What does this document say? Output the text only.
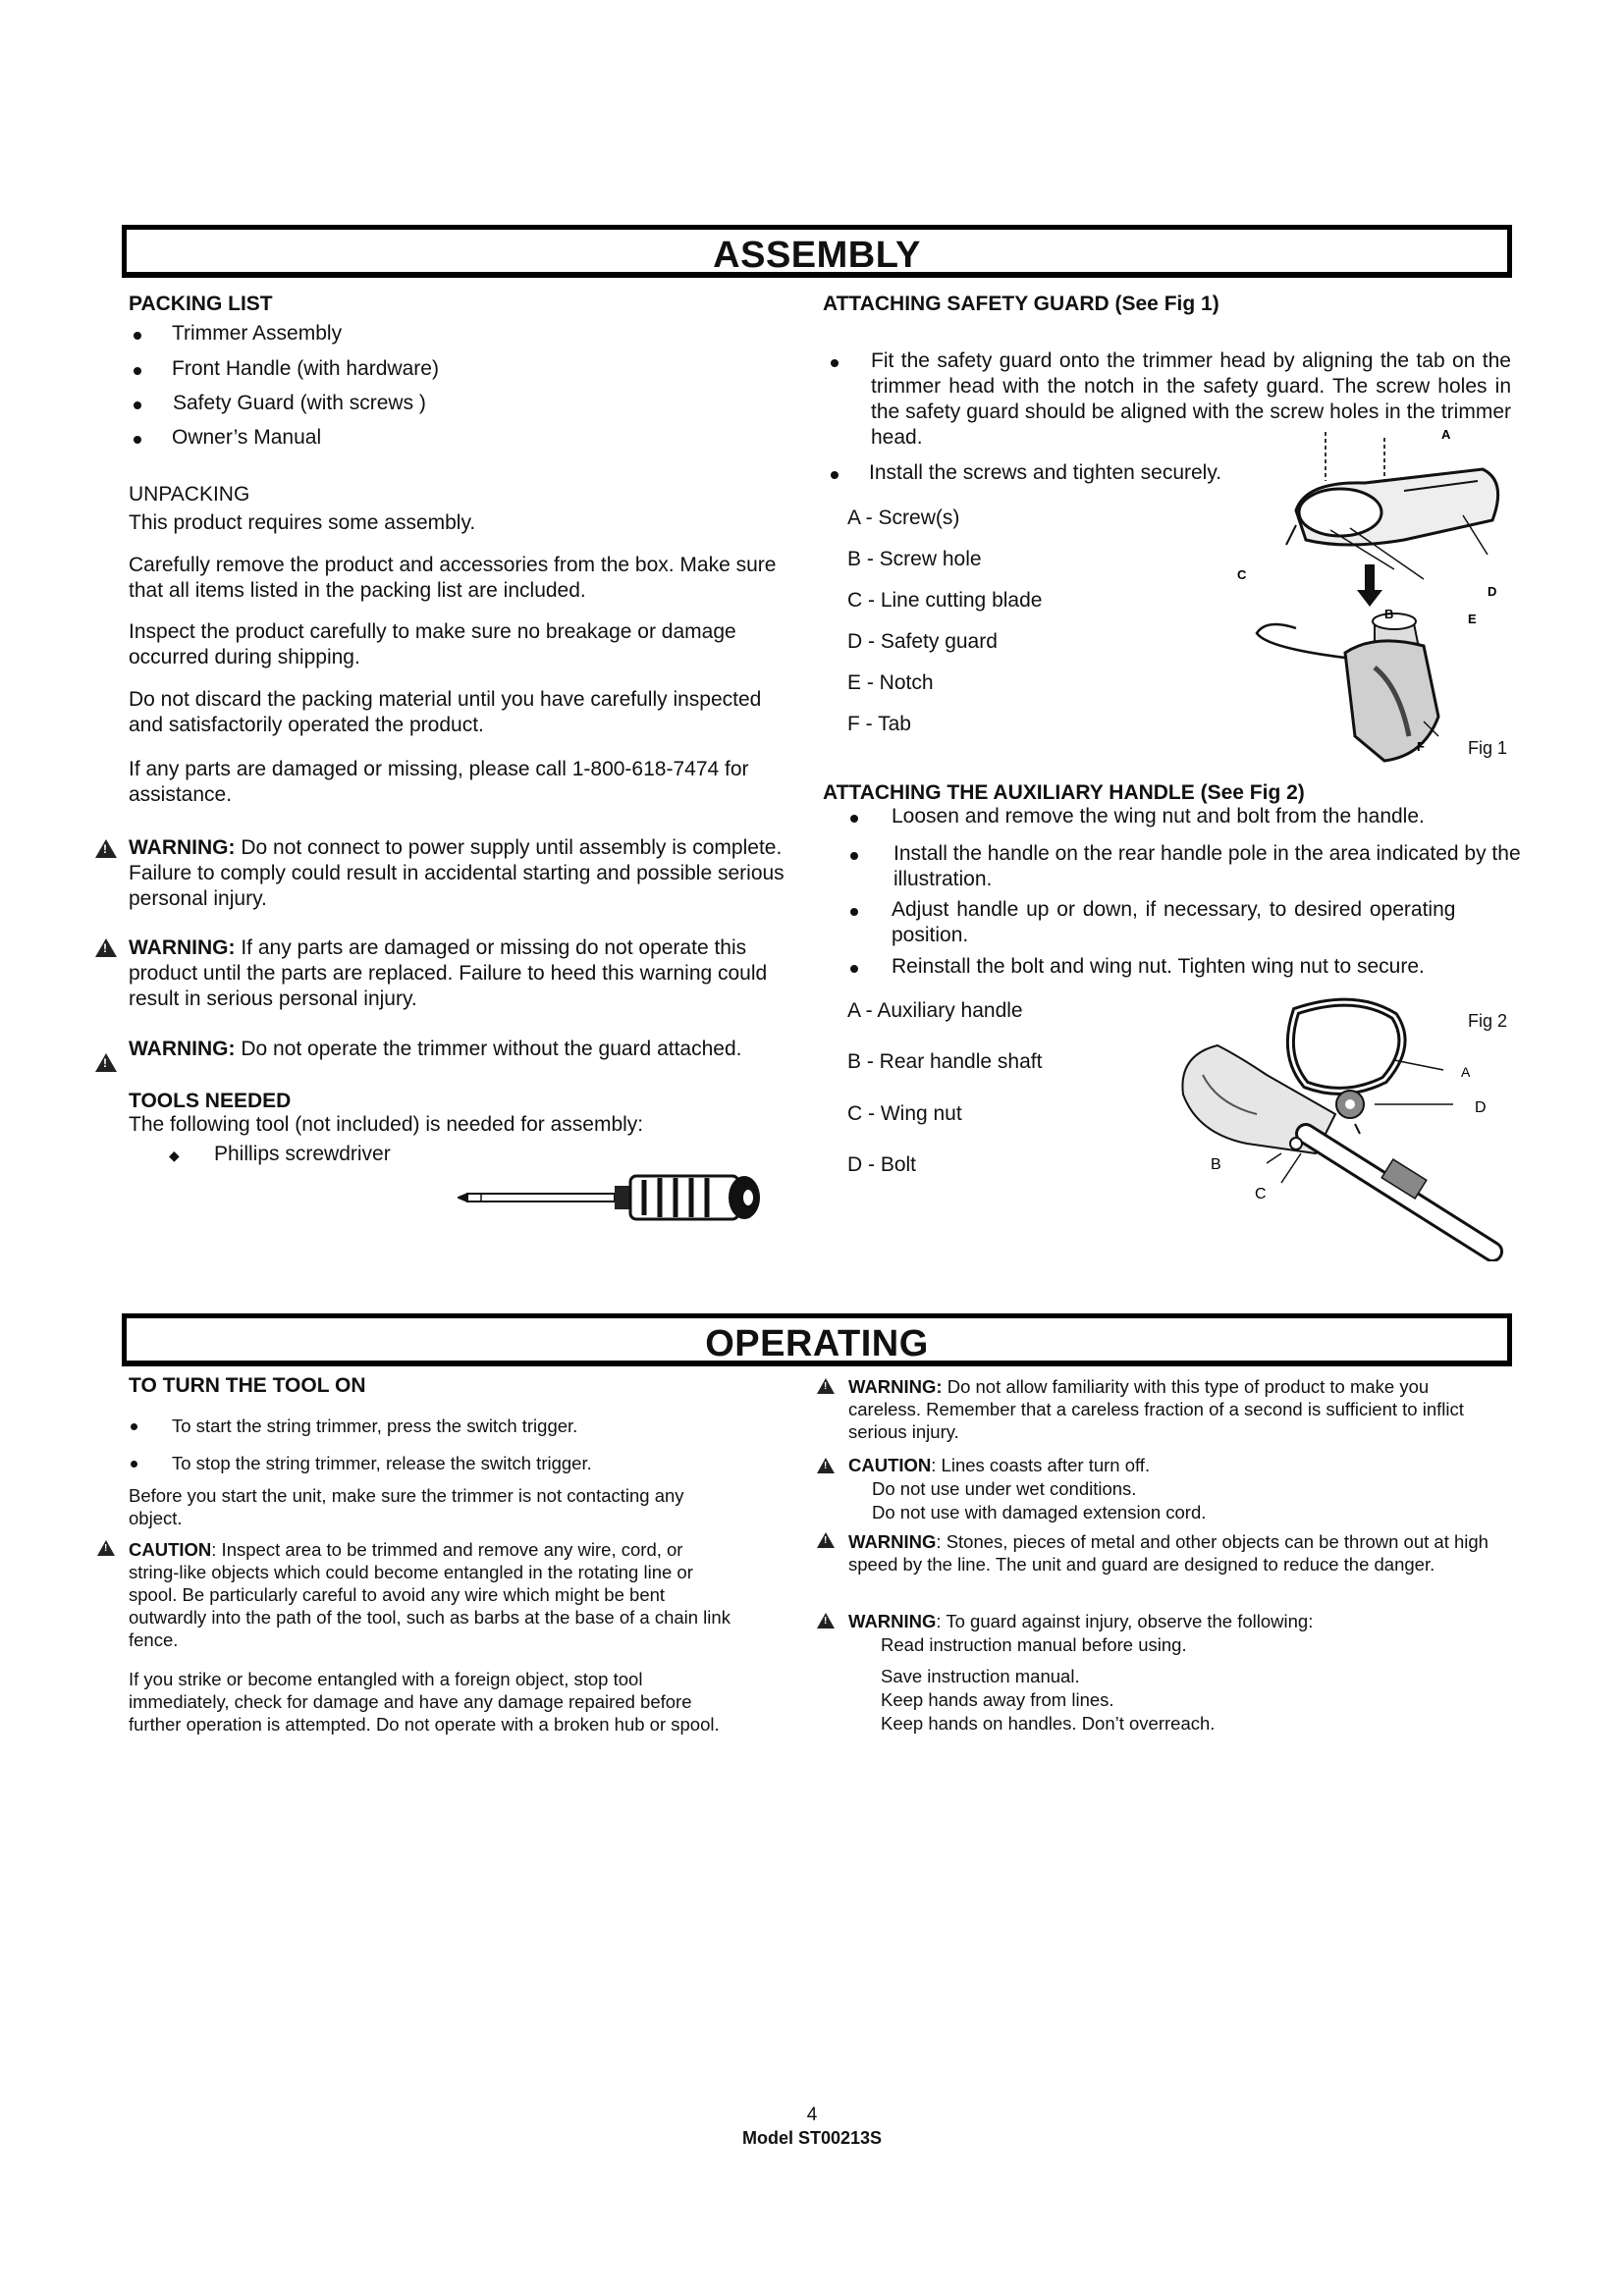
ASSEMBLY
PACKING LIST
Trimmer Assembly
Front Handle (with hardware)
Safety Guard (with screws )
Owner’s Manual
UNPACKING
This product requires some assembly.
Carefully remove the product and accessories from the box. Make sure that all items listed in the packing list are included.
Inspect the product carefully to make sure no breakage or damage occurred during shipping.
Do not discard the packing material until you have carefully inspected and satisfactorily operated the product.
If any parts are damaged or missing, please call 1-800-618-7474 for assistance.
!
WARNING: Do not connect to power supply until assembly is complete. Failure to comply could result in accidental starting and possible serious personal injury.
!
WARNING: If any parts are damaged or missing do not operate this product until the parts are replaced. Failure to heed this warning could result in serious personal injury.
!
WARNING: Do not operate the trimmer without the guard attached.
TOOLS NEEDED
The following tool (not included) is needed for assembly:
◆ Phillips screwdriver
ATTACHING SAFETY GUARD (See Fig 1)
Fit the safety guard onto the trimmer head by aligning the tab on the trimmer head with the notch in the safety guard. The screw holes in the safety guard should be aligned with the screw holes in the trimmer head.
Install the screws and tighten securely.
A - Screw(s)
B - Screw hole
C - Line cutting blade
D - Safety guard
E - Notch
F - Tab
A
B
C
D
E
F Fig 1
ATTACHING THE AUXILIARY HANDLE (See Fig 2)
Loosen and remove the wing nut and bolt from the handle.
Install the handle on the rear handle pole in the area indicated by the illustration.
Adjust handle up or down, if necessary, to desired operating position.
Reinstall the bolt and wing nut. Tighten wing nut to secure.
A - Auxiliary handle
B - Rear handle shaft
C - Wing nut
D - Bolt
A
B
C
D
Fig 2
OPERATING
TO TURN THE TOOL ON
To start the string trimmer, press the switch trigger.
To stop the string trimmer, release the switch trigger.
Before you start the unit, make sure the trimmer is not contacting any object.
!
CAUTION: Inspect area to be trimmed and remove any wire, cord, or string-like objects which could become entangled in the rotating line or spool. Be particularly careful to avoid any wire which might be bent outwardly into the path of the tool, such as barbs at the base of a chain link fence.
If you strike or become entangled with a foreign object, stop tool immediately, check for damage and have any damage repaired before further operation is attempted. Do not operate with a broken hub or spool.
!
WARNING: Do not allow familiarity with this type of product to make you careless. Remember that a careless fraction of a second is sufficient to inflict serious injury.
!
CAUTION: Lines coasts after turn off.
Do not use under wet conditions.
Do not use with damaged extension cord.
!
WARNING: Stones, pieces of metal and other objects can be thrown out at high speed by the line. The unit and guard are designed to reduce the danger.
!
WARNING: To guard against injury, observe the following:
Read instruction manual before using.
Save instruction manual.
Keep hands away from lines.
Keep hands on handles. Don’t overreach.
4
Model ST00213S
